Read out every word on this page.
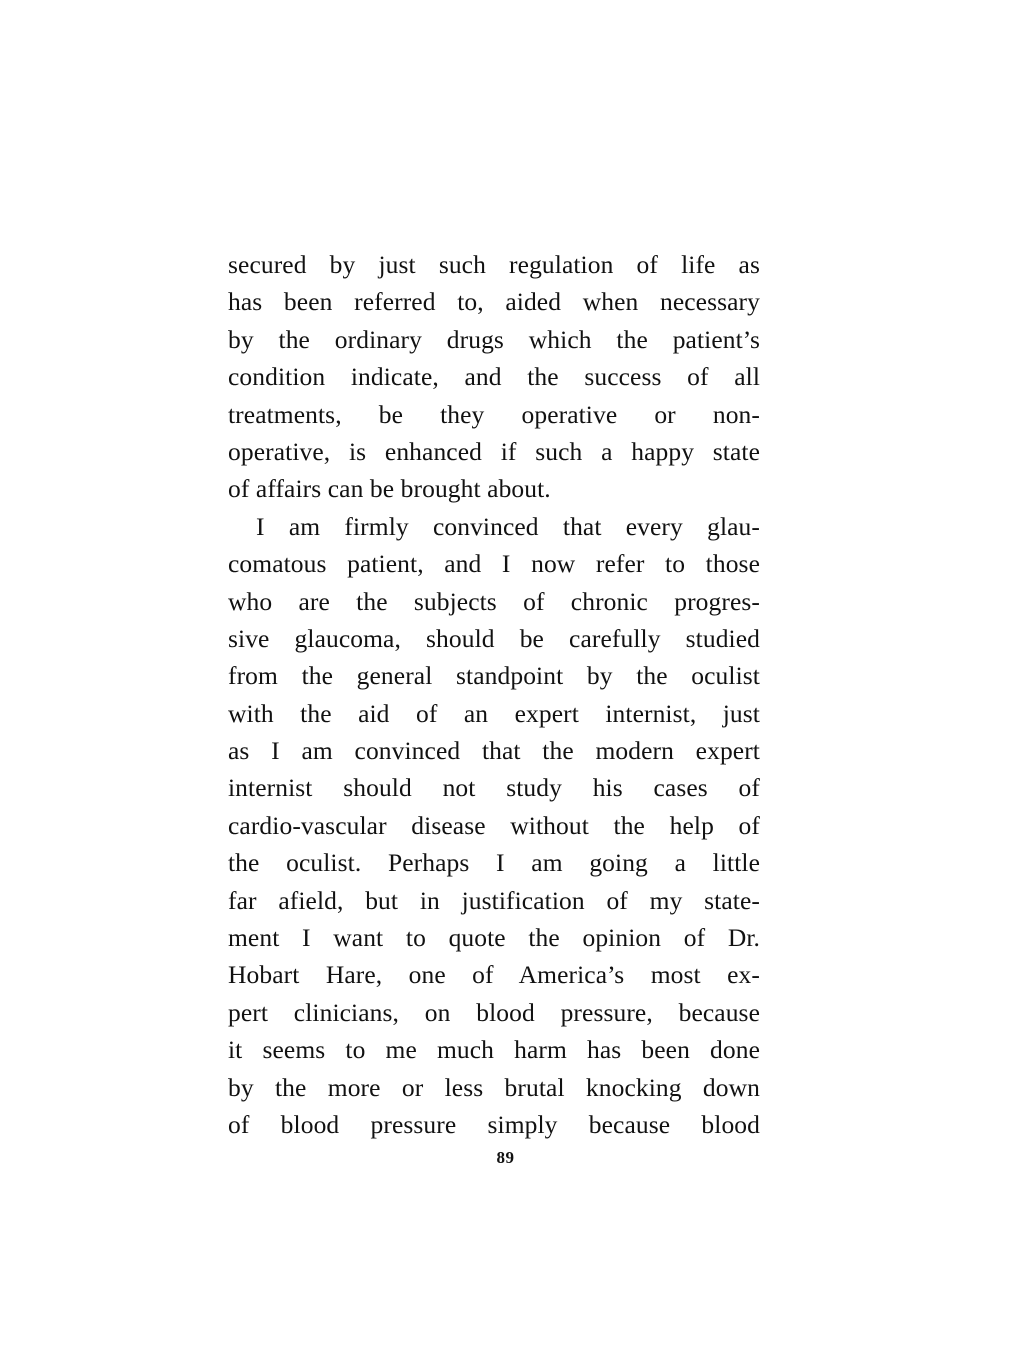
secured by just such regulation of life as
has been referred to, aided when necessary
by the ordinary drugs which the patient’s
condition indicate, and the success of all
treatments, be they operative or non-
operative, is enhanced if such a happy state
of affairs can be brought about.
I am firmly convinced that every glau-
comatous patient, and I now refer to those
who are the subjects of chronic progres-
sive glaucoma, should be carefully studied
from the general standpoint by the oculist
with the aid of an expert internist, just
as I am convinced that the modern expert
internist should not study his cases of
cardio-vascular disease without the help of
the oculist. Perhaps I am going a little
far afield, but in justification of my state-
ment I want to quote the opinion of Dr.
Hobart Hare, one of America’s most ex-
pert clinicians, on blood pressure, because
it seems to me much harm has been done
by the more or less brutal knocking down
of blood pressure simply because blood
89
